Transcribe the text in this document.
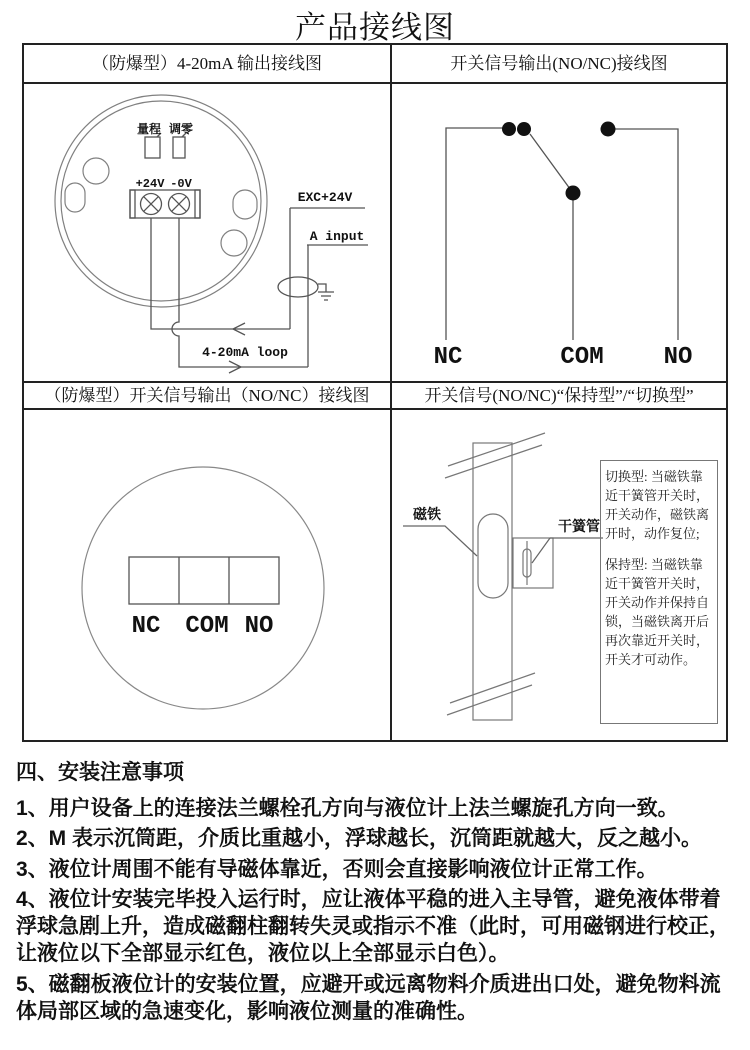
产品接线图
（防爆型）4-20mA 输出接线图	开关信号输出(NO/NC)接线图
（防爆型）开关信号输出（NO/NC）接线图	开关信号(NO/NC)“保持型”/“切换型”
量程 调零
+24V -0V
EXC+24V
A input
4-20mA loop	NC	COM NO
NC COM NO
磁铁
干簧管

切换型: 当磁铁靠近干簧管开关时，开关动作，磁铁离开时，动作复位;

保持型: 当磁铁靠近干簧管开关时，开关动作并保持自锁，当磁铁离开后再次靠近开关时，开关才可动作。

四、安装注意事项

1、用户设备上的连接法兰螺栓孔方向与液位计上法兰螺旋孔方向一致。

2、M 表示沉筒距，介质比重越小，浮球越长，沉筒距就越大，反之越小。

3、液位计周围不能有导磁体靠近，否则会直接影响液位计正常工作。

4、液位计安装完毕投入运行时，应让液体平稳的进入主导管，避免液体带着浮球急剧上升，造成磁翻柱翻转失灵或指示不准（此时，可用磁钢进行校正，让液位以下全部显示红色，液位以上全部显示白色）。

5、磁翻板液位计的安装位置，应避开或远离物料介质进出口处，避免物料流体局部区域的急速变化，影响液位测量的准确性。
